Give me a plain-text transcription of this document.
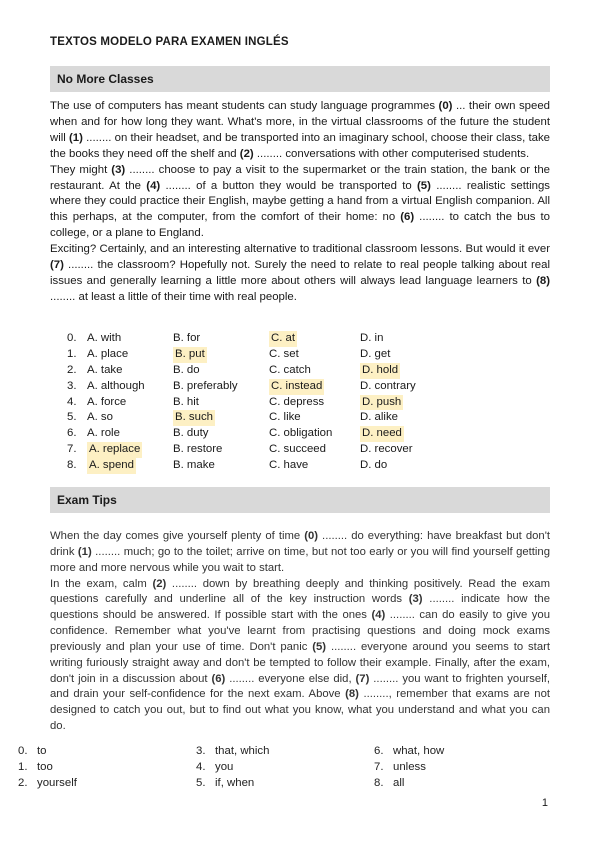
TEXTOS MODELO PARA EXAMEN INGLÉS
No More Classes

The use of computers has meant students can study language programmes (0) ... their own speed when and for how long they want. What's more, in the virtual classrooms of the future the student will (1) ........ on their headset, and be transported into an imaginary school, choose their class, take the books they need off the shelf and (2) ........ conversations with other computerised students.

They might (3) ........ choose to pay a visit to the supermarket or the train station, the bank or the restaurant. At the (4) ........ of a button they would be transported to (5) ........ realistic settings where they could practice their English, maybe getting a hand from a virtual English companion. All this perhaps, at the computer, from the comfort of their home: no (6) ........ to catch the bus to college, or a plane to England.

Exciting? Certainly, and an interesting alternative to traditional classroom lessons. But would it ever (7) ........ the classroom? Hopefully not. Surely the need to relate to real people talking about real issues and generally learning a little more about others will always lead language learners to (8) ........ at least a little of their time with real people.

0. A. with	B. for	C. at	D. in
1. A. place	B. put	C. set	D. get
2. A. take	B. do	C. catch	D. hold
3. A. although B. preferably	C. instead	D. contrary
4. A. force	B. hit	C. depress	D. push
5. A. so	B. such	C. like	D. alike
6. A. role	B. duty	C. obligation	D. need
7. A. replace	B. restore	C. succeed	D. recover
8. A. spend	B. make	C. have	D. do
Exam Tips

When the day comes give yourself plenty of time (0) ........ do everything: have breakfast but don't drink (1) ........ much; go to the toilet; arrive on time, but not too early or you will find yourself getting more and more nervous while you wait to start.

In the exam, calm (2) ........ down by breathing deeply and thinking positively. Read the exam questions carefully and underline all of the key instruction words (3) ........ indicate how the questions should be answered. If possible start with the ones (4) ........ can do easily to give you confidence. Remember what you've learnt from practising questions and doing mock exams previously and plan your use of time. Don't panic (5) ........ everyone around you seems to start writing furiously straight away and don't be tempted to follow their example. Finally, after the exam, don't join in a discussion about (6) ........ everyone else did, (7) ........ you want to frighten yourself, and drain your self-confidence for the next exam. Above (8) ........, remember that exams are not designed to catch you out, but to find out what you know, what you understand and what you can do.

0. to	3. that, which	6. what, how
1. too	4. you	7. unless
2. yourself	5. if, when	8. all
1
